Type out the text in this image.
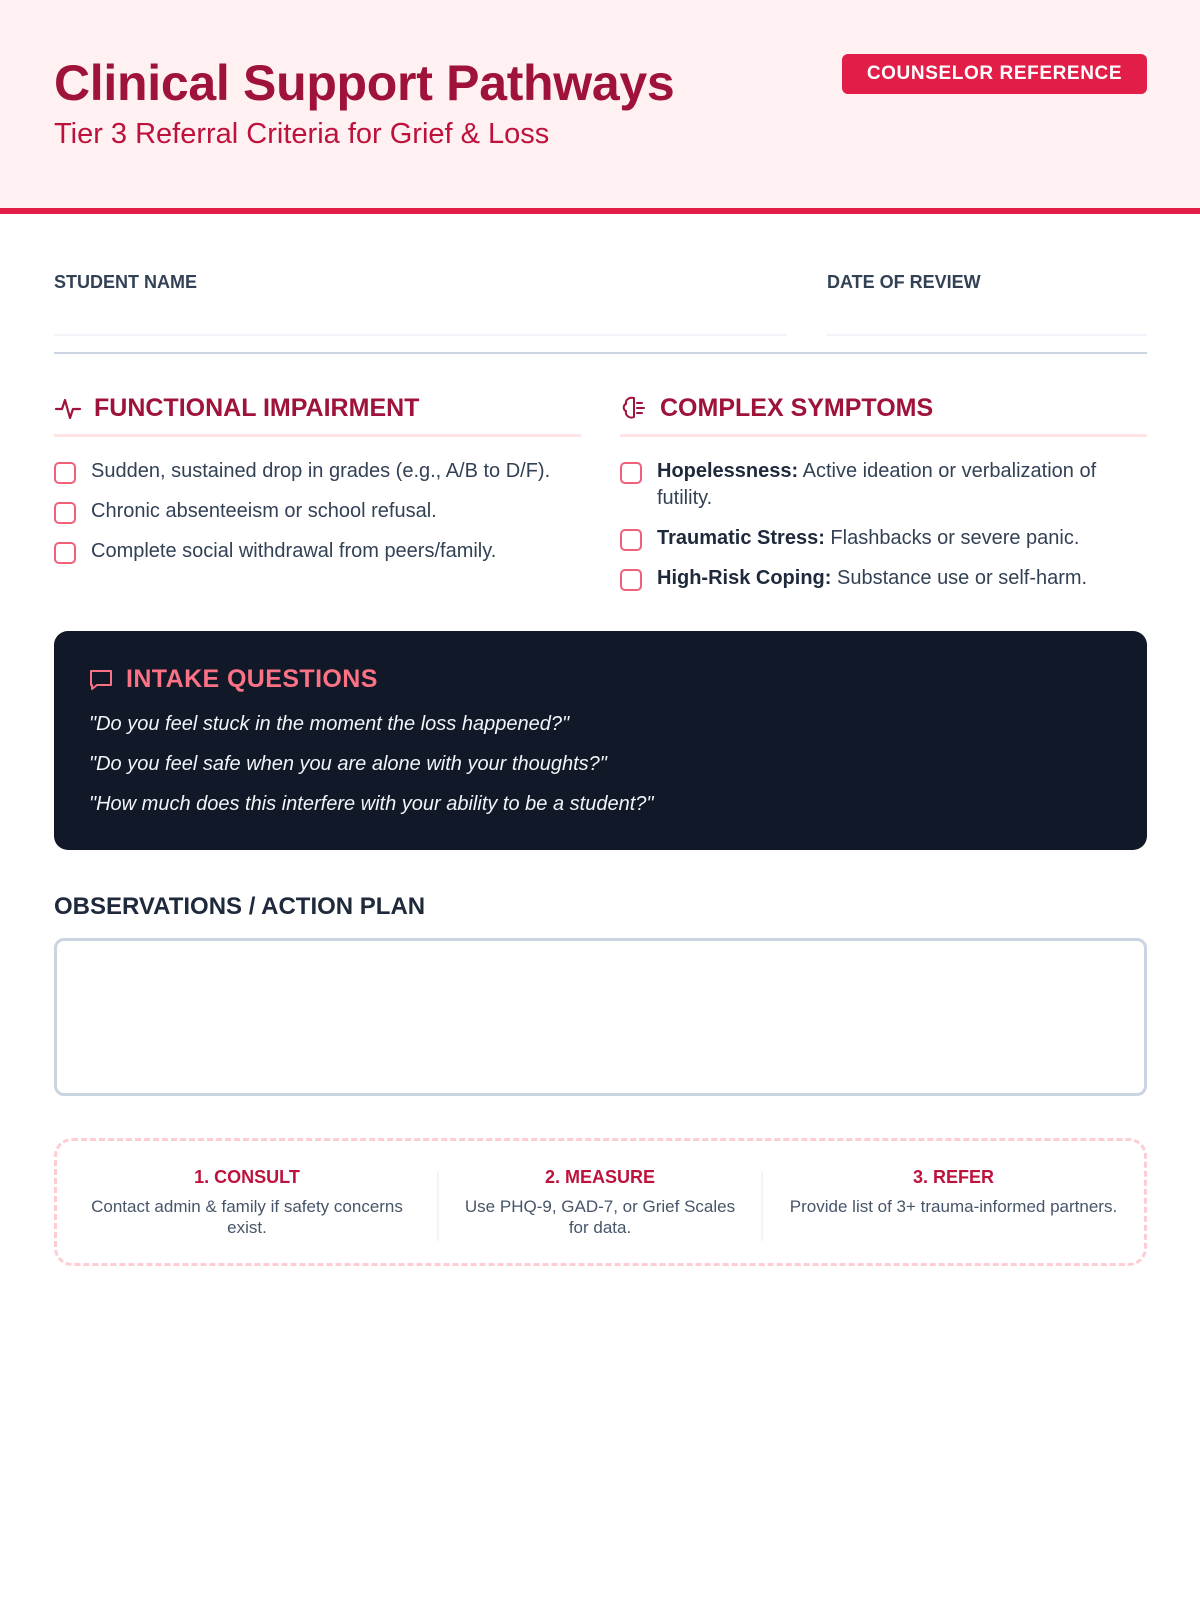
Clinical Support Pathways
Tier 3 Referral Criteria for Grief & Loss
COUNSELOR REFERENCE
STUDENT NAME	DATE OF REVIEW
FUNCTIONAL IMPAIRMENT
Sudden, sustained drop in grades (e.g., A/B to D/F).
Chronic absenteeism or school refusal.
Complete social withdrawal from peers/family.
COMPLEX SYMPTOMS
Hopelessness: Active ideation or verbalization of futility.
Traumatic Stress: Flashbacks or severe panic.
High-Risk Coping: Substance use or self-harm.
INTAKE QUESTIONS
"Do you feel stuck in the moment the loss happened?"
"Do you feel safe when you are alone with your thoughts?"
"How much does this interfere with your ability to be a student?"
OBSERVATIONS / ACTION PLAN
1. CONSULT
Contact admin & family if safety concerns exist.
2. MEASURE
Use PHQ-9, GAD-7, or Grief Scales for data.
3. REFER
Provide list of 3+ trauma-informed partners.
